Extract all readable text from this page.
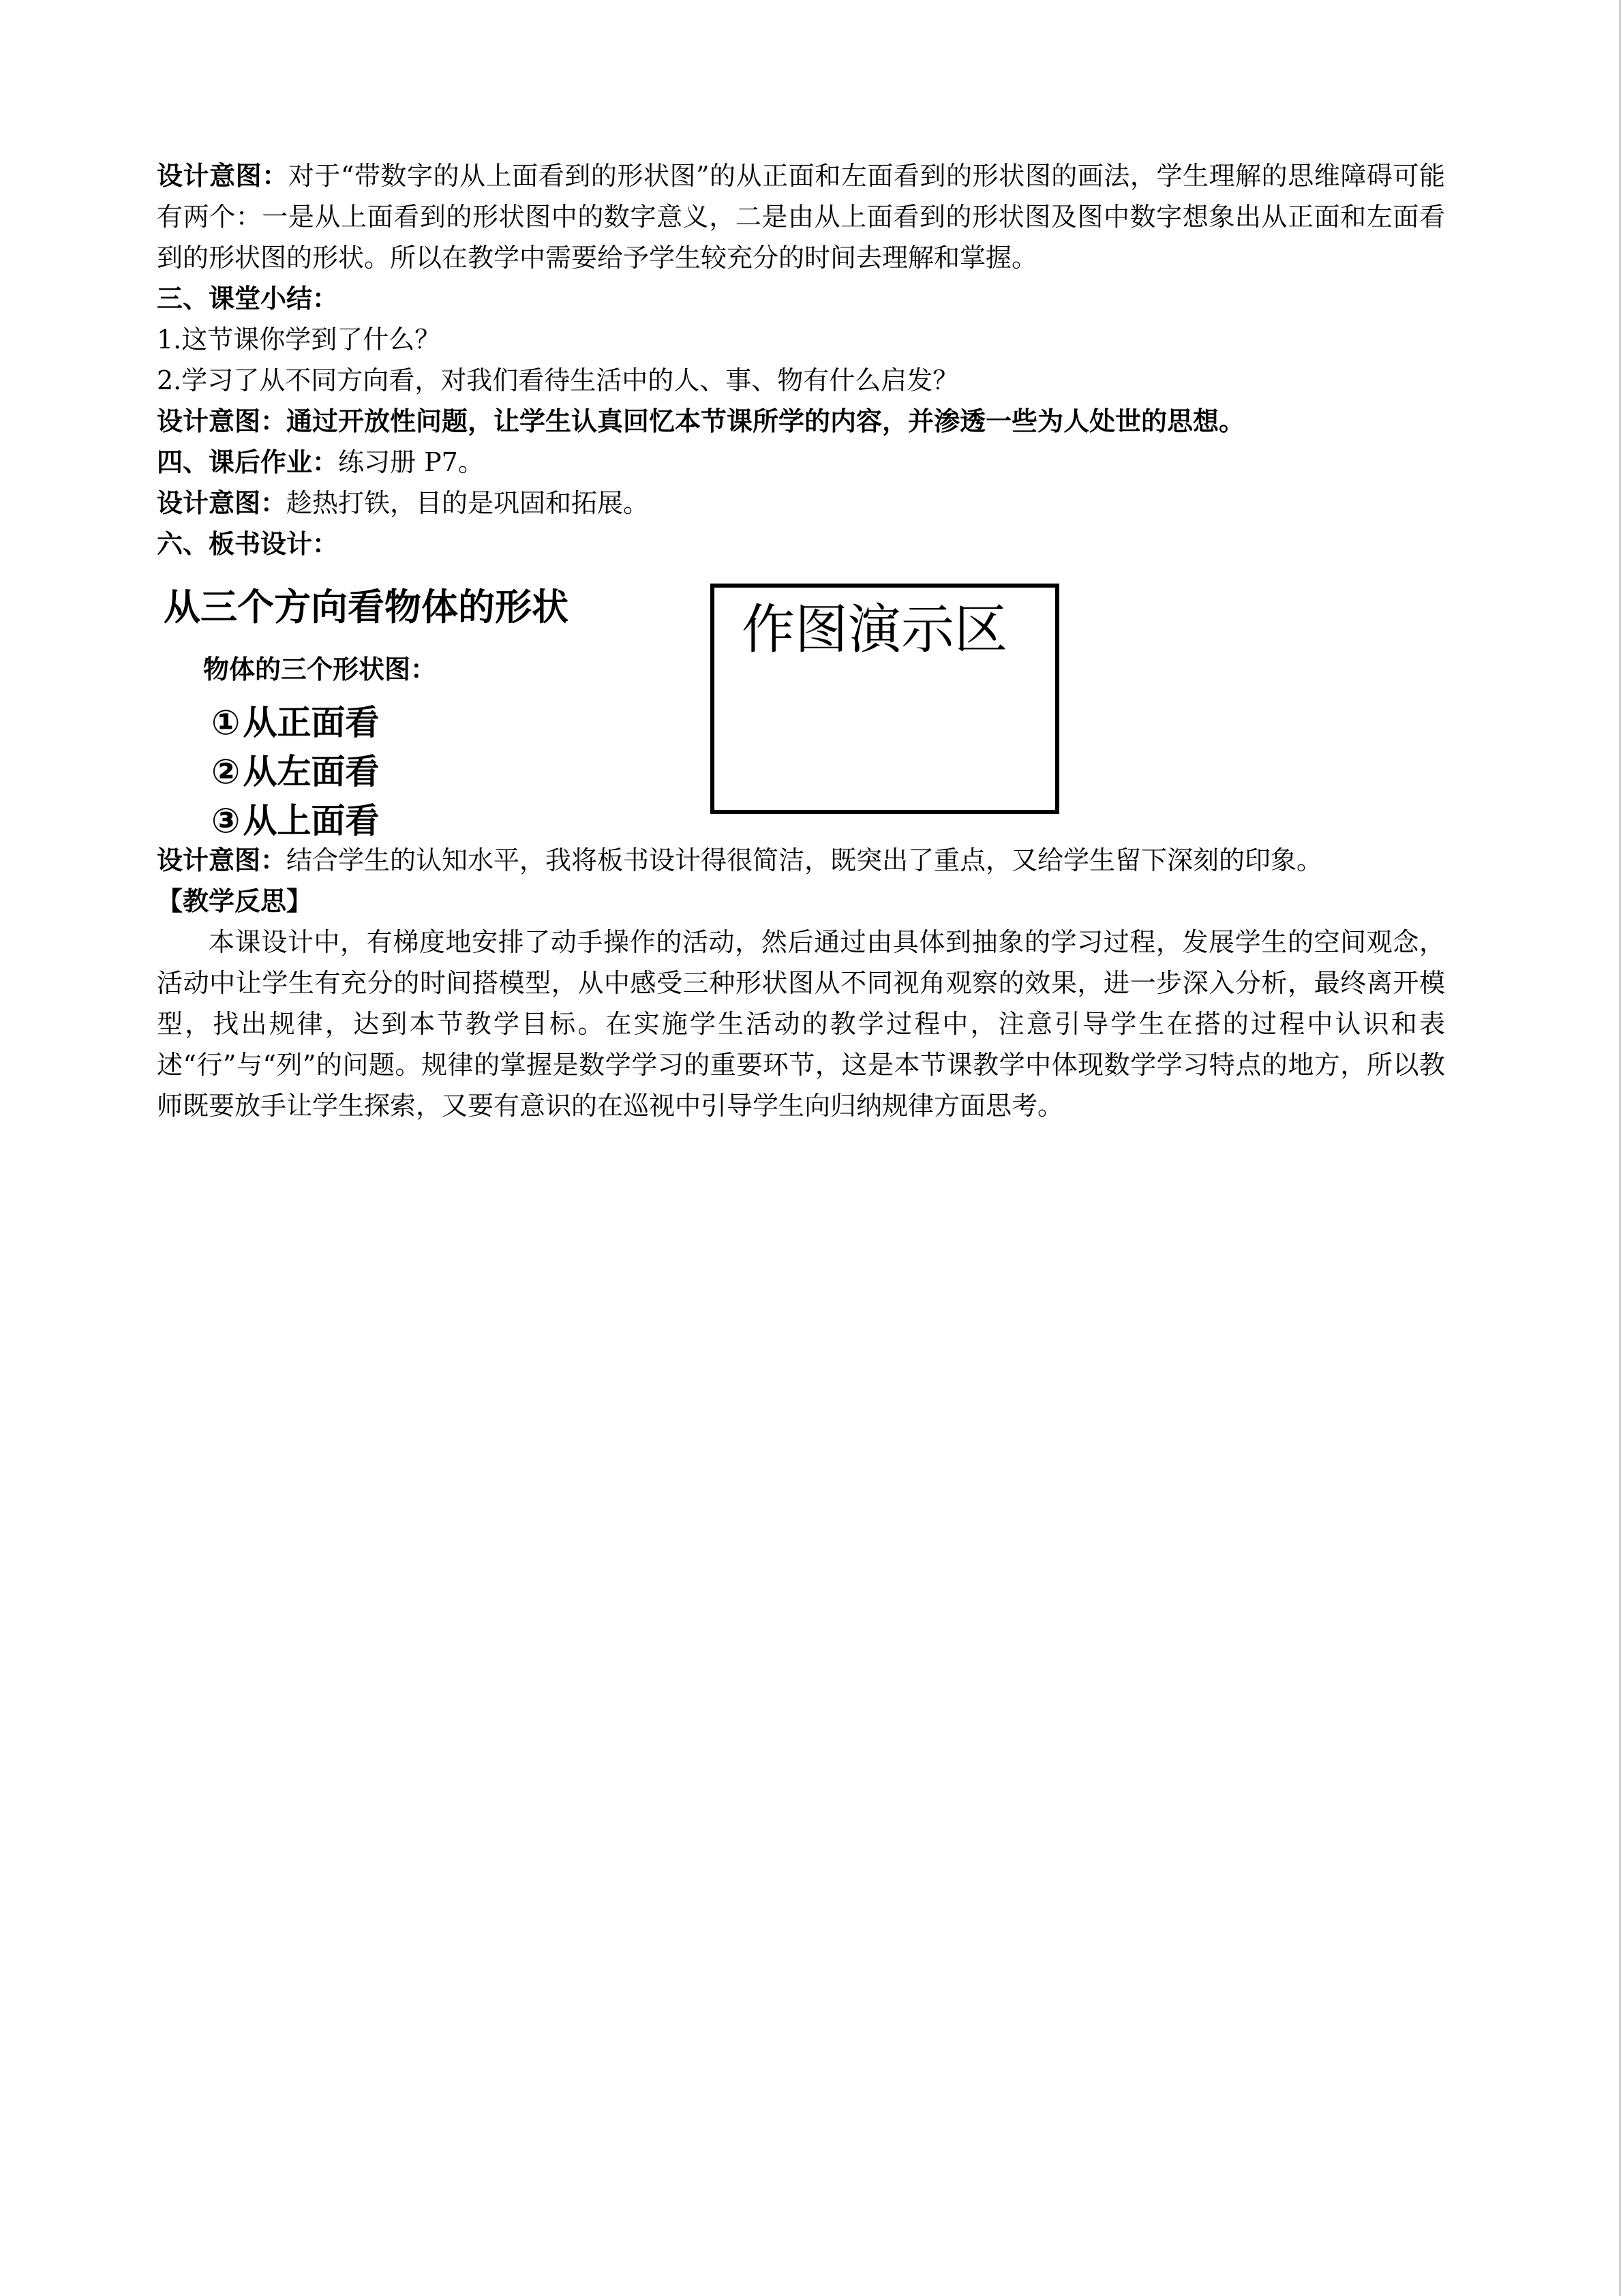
设计意图：对于“带数字的从上面看到的形状图”的从正面和左面看到的形状图的画法，学生理解的思维障碍可能有两个：一是从上面看到的形状图中的数字意义，二是由从上面看到的形状图及图中数字想象出从正面和左面看到的形状图的形状。所以在教学中需要给予学生较充分的时间去理解和掌握。

三、课堂小结：
1.这节课你学到了什么？
2.学习了从不同方向看，对我们看待生活中的人、事、物有什么启发？
设计意图：通过开放性问题，让学生认真回忆本节课所学的内容，并渗透一些为人处世的思想。
四、课后作业：练习册 P7。
设计意图：趁热打铁，目的是巩固和拓展。
六、板书设计：
从三个方向看物体的形状
物体的三个形状图：
①从正面看
②从左面看
③从上面看
作图演示区
设计意图：结合学生的认知水平，我将板书设计得很简洁，既突出了重点，又给学生留下深刻的印象。
【教学反思】

本课设计中，有梯度地安排了动手操作的活动，然后通过由具体到抽象的学习过程，发展学生的空间观念，活动中让学生有充分的时间搭模型，从中感受三种形状图从不同视角观察的效果，进一步深入分析，最终离开模型，找出规律，达到本节教学目标。在实施学生活动的教学过程中，注意引导学生在搭的过程中认识和表述“行”与“列”的问题。规律的掌握是数学学习的重要环节，这是本节课教学中体现数学学习特点的地方，所以教师既要放手让学生探索，又要有意识的在巡视中引导学生向归纳规律方面思考。
